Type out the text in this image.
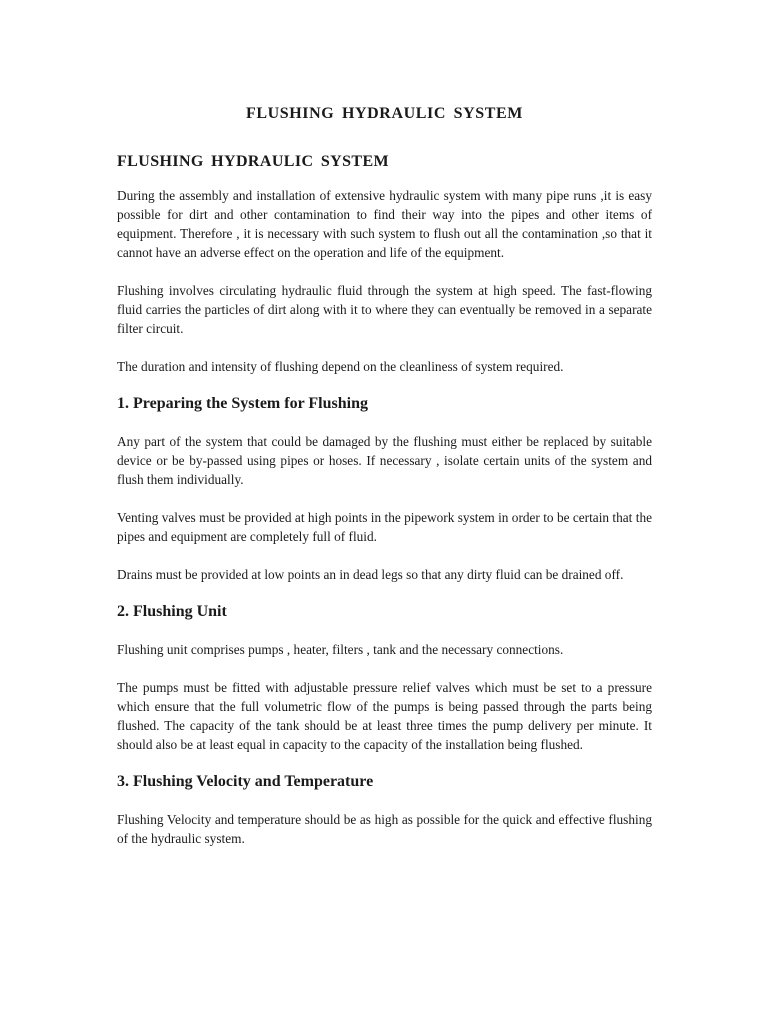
FLUSHING HYDRAULIC SYSTEM
FLUSHING HYDRAULIC SYSTEM

During the assembly and installation of extensive hydraulic system with many pipe runs ,it is easy possible for dirt and other contamination to find their way into the pipes and other items of equipment. Therefore , it is necessary with such system to flush out all the contamination ,so that it cannot have an adverse effect on the operation and life of the equipment.

Flushing involves circulating hydraulic fluid through the system at high speed. The fast-flowing fluid carries the particles of dirt along with it to where they can eventually be removed in a separate filter circuit.

The duration and intensity of flushing depend on the cleanliness of system required.

1. Preparing the System for Flushing

Any part of the system that could be damaged by the flushing must either be replaced by suitable device or be by-passed using pipes or hoses. If necessary , isolate certain units of the system and flush them individually.

Venting valves must be provided at high points in the pipework system in order to be certain that the pipes and equipment are completely full of fluid.

Drains must be provided at low points an in dead legs so that any dirty fluid can be drained off.

2. Flushing Unit

Flushing unit comprises pumps , heater, filters , tank and the necessary connections.

The pumps must be fitted with adjustable pressure relief valves which must be set to a pressure which ensure that the full volumetric flow of the pumps is being passed through the parts being flushed. The capacity of the tank should be at least three times the pump delivery per minute. It should also be at least equal in capacity to the capacity of the installation being flushed.

3. Flushing Velocity and Temperature

Flushing Velocity and temperature should be as high as possible for the quick and effective flushing of the hydraulic system.
